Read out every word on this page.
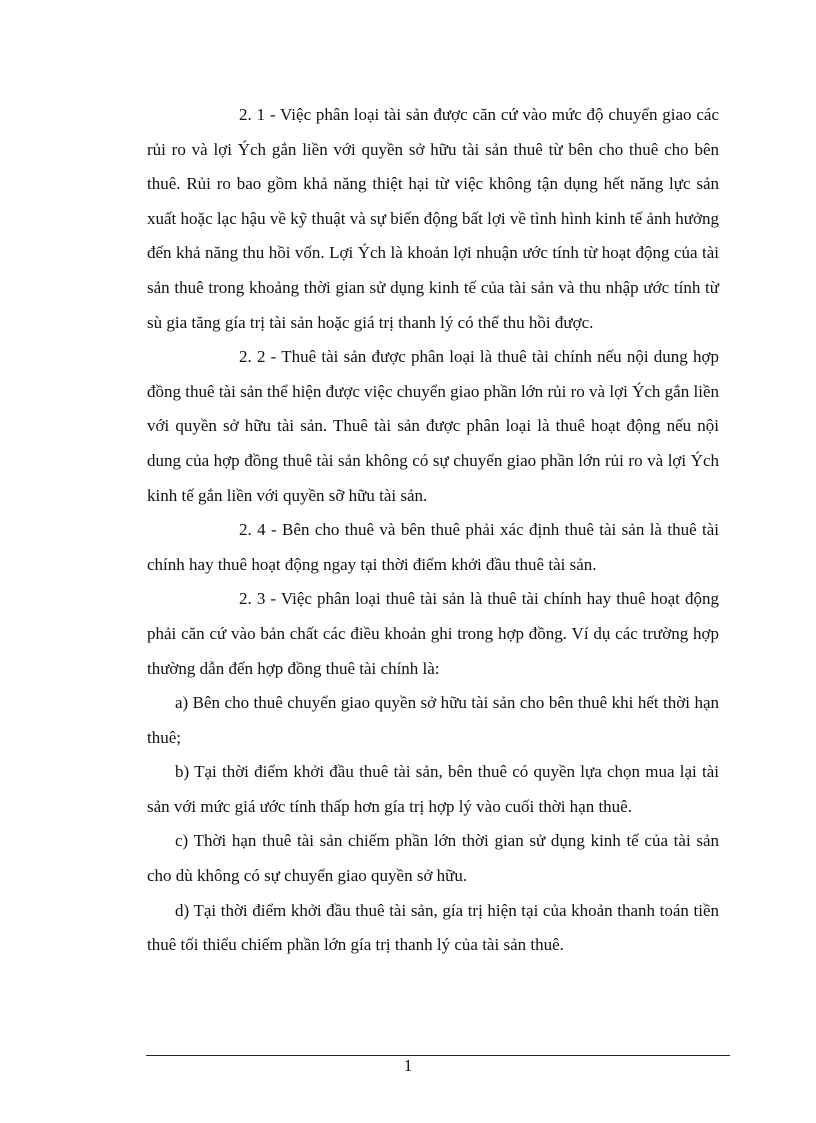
2. 1 - Việc phân loại tài sản được căn cứ vào mức độ chuyển giao các rủi ro và lợi Ých gắn liền với quyền sở hữu tài sản thuê từ bên cho thuê cho bên thuê. Rủi ro bao gồm khả năng thiệt hại từ việc không tận dụng hết năng lực sản xuất hoặc lạc hậu về kỹ thuật và sự biến động bất lợi về tình hình kinh tế ảnh hưởng đến khả năng thu hồi vốn. Lợi Ých là khoản lợi nhuận ước tính từ hoạt động của tài sản thuê trong khoảng thời gian sử dụng kinh tế của tài sản và thu nhập ước tính từ sù gia tăng gía trị tài sản hoặc giá trị thanh lý có thể thu hồi được.

2. 2 - Thuê tài sản được phân loại là thuê tài chính nếu nội dung hợp đồng thuê tài sản thể hiện được việc chuyển giao phần lớn rủi ro và lợi Ých gắn liền với quyền sở hữu tài sản. Thuê tài sản được phân loại là thuê hoạt động nếu nội dung của hợp đồng thuê tài sản không có sự chuyển giao phần lớn rủi ro và lợi Ých kinh tế gắn liền với quyền sỡ hữu tài sản.

2. 4 - Bên cho thuê và bên thuê phải xác định thuê tài sản là thuê tài chính hay thuê hoạt động ngay tại thời điểm khởi đầu thuê tài sản.

2. 3 - Việc phân loại thuê tài sản là thuê tài chính hay thuê hoạt động phải căn cứ vào bản chất các điều khoản ghi trong hợp đồng. Ví dụ các trường hợp thường dẫn đến hợp đồng thuê tài chính là:

a) Bên cho thuê chuyển giao quyền sở hữu tài sản cho bên thuê khi hết thời hạn thuê;

b) Tại thời điểm khởi đầu thuê tài sản, bên thuê có quyền lựa chọn mua lại tài sản với mức giá ước tính thấp hơn gía trị hợp lý vào cuối thời hạn thuê.

c) Thời hạn thuê tài sản chiếm phần lớn thời gian sử dụng kinh tế của tài sản cho dù không có sự chuyển giao quyền sở hữu.

d) Tại thời điểm khởi đầu thuê tài sản, gía trị hiện tại của khoản thanh toán tiền thuê tối thiểu chiếm phần lớn gía trị thanh lý của tài sản thuê.

1
